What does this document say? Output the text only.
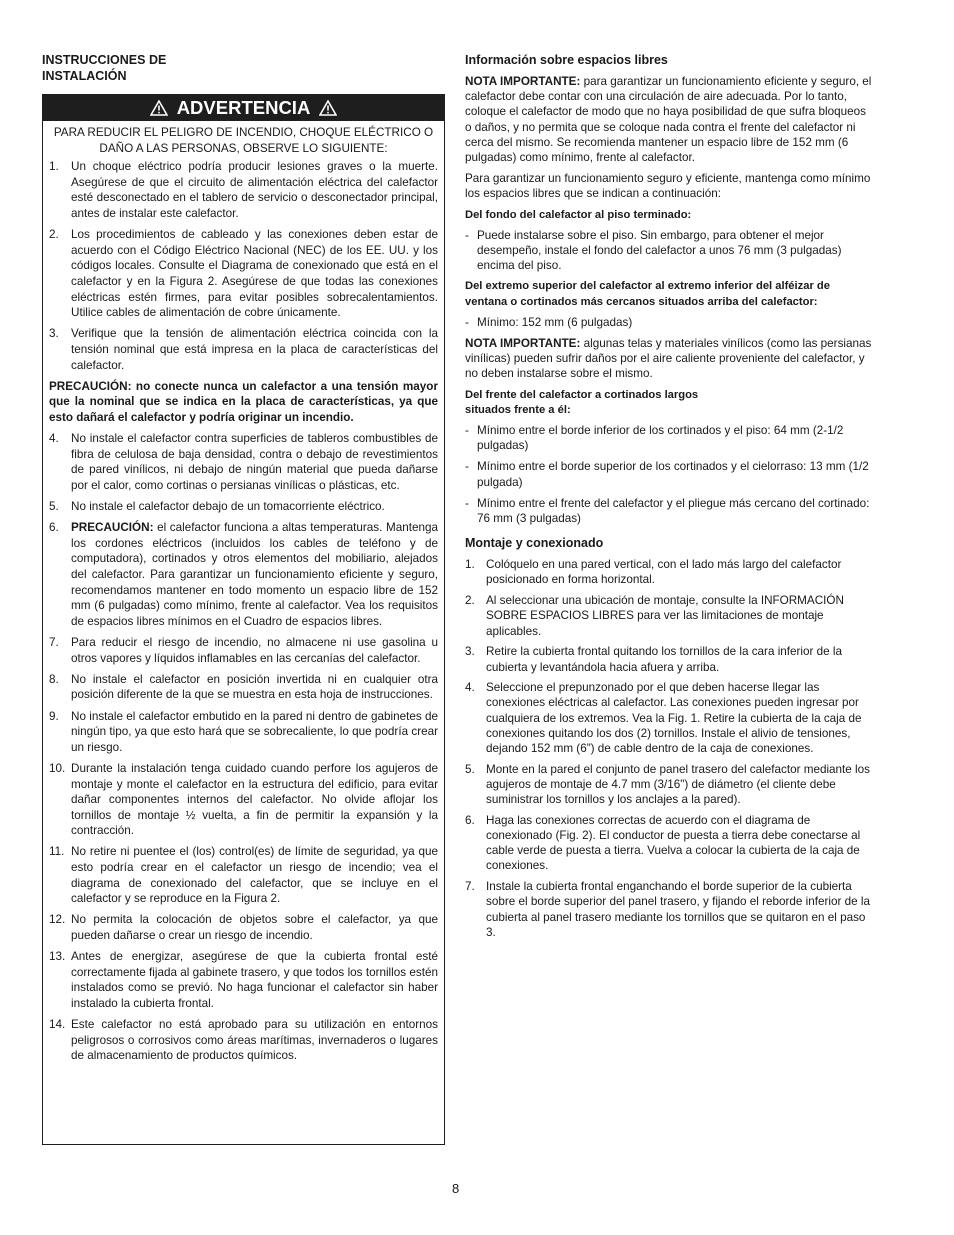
INSTRUCCIONES DE
INSTALACIÓN

ADVERTENCIA

PARA REDUCIR EL PELIGRO DE INCENDIO, CHOQUE ELÉCTRICO O DAÑO A LAS PERSONAS, OBSERVE LO SIGUIENTE:

1.	Un choque eléctrico podría producir lesiones graves o la muerte. Asegúrese de que el circuito de alimentación eléctrica del calefactor esté desconectado en el tablero de servicio o desconectador principal, antes de instalar este calefactor.
2.	Los procedimientos de cableado y las conexiones deben estar de acuerdo con el Código Eléctrico Nacional (NEC) de los EE. UU. y los códigos locales. Consulte el Diagrama de conexionado que está en el calefactor y en la Figura 2. Asegúrese de que todas las conexiones eléctricas estén firmes, para evitar posibles sobrecalentamientos. Utilice cables de alimentación de cobre únicamente.
3.	Verifique que la tensión de alimentación eléctrica coincida con la tensión nominal que está impresa en la placa de características del calefactor.

PRECAUCIÓN: no conecte nunca un calefactor a una tensión mayor que la nominal que se indica en la placa de características, ya que esto dañará el calefactor y podría originar un incendio.

4.	No instale el calefactor contra superficies de tableros combustibles de fibra de celulosa de baja densidad, contra o debajo de revestimientos de pared vinílicos, ni debajo de ningún material que pueda dañarse por el calor, como cortinas o persianas vinílicas o plásticas, etc.
5.	No instale el calefactor debajo de un tomacorriente eléctrico.
6.	PRECAUCIÓN: el calefactor funciona a altas temperaturas. Mantenga los cordones eléctricos (incluidos los cables de teléfono y de computadora), cortinados y otros elementos del mobiliario, alejados del calefactor. Para garantizar un funcionamiento eficiente y seguro, recomendamos mantener en todo momento un espacio libre de 152 mm (6 pulgadas) como mínimo, frente al calefactor. Vea los requisitos de espacios libres mínimos en el Cuadro de espacios libres.
7.	Para reducir el riesgo de incendio, no almacene ni use gasolina u otros vapores y líquidos inflamables en las cercanías del calefactor.
8.	No instale el calefactor en posición invertida ni en cualquier otra posición diferente de la que se muestra en esta hoja de instrucciones.
9.	No instale el calefactor embutido en la pared ni dentro de gabinetes de ningún tipo, ya que esto hará que se sobrecaliente, lo que podría crear un riesgo.
10. Durante la instalación tenga cuidado cuando perfore los agujeros de montaje y monte el calefactor en la estructura del edificio, para evitar dañar componentes internos del calefactor. No olvide aflojar los tornillos de montaje ½ vuelta, a fin de permitir la expansión y la contracción.
11. No retire ni puentee el (los) control(es) de límite de seguridad, ya que esto podría crear en el calefactor un riesgo de incendio; vea el diagrama de conexionado del calefactor, que se incluye en el calefactor y se reproduce en la Figura 2.
12. No permita la colocación de objetos sobre el calefactor, ya que pueden dañarse o crear un riesgo de incendio.
13. Antes de energizar, asegúrese de que la cubierta frontal esté correctamente fijada al gabinete trasero, y que todos los tornillos estén instalados como se previó. No haga funcionar el calefactor sin haber instalado la cubierta frontal.
14. Este calefactor no está aprobado para su utilización en entornos peligrosos o corrosivos como áreas marítimas, invernaderos o lugares de almacenamiento de productos químicos.

Información sobre espacios libres

NOTA IMPORTANTE: para garantizar un funcionamiento eficiente y seguro, el calefactor debe contar con una circulación de aire adecuada. Por lo tanto, coloque el calefactor de modo que no haya posibilidad de que sufra bloqueos o daños, y no permita que se coloque nada contra el frente del calefactor ni cerca del mismo. Se recomienda mantener un espacio libre de 152 mm (6 pulgadas) como mínimo, frente al calefactor.

Para garantizar un funcionamiento seguro y eficiente, mantenga como mínimo los espacios libres que se indican a continuación:

Del fondo del calefactor al piso terminado:

- Puede instalarse sobre el piso. Sin embargo, para obtener el mejor desempeño, instale el fondo del calefactor a unos 76 mm (3 pulgadas) encima del piso.

Del extremo superior del calefactor al extremo inferior del alféizar de ventana o cortinados más cercanos situados arriba del calefactor:

- Mínimo: 152 mm (6 pulgadas)

NOTA IMPORTANTE: algunas telas y materiales vinílicos (como las persianas vinílicas) pueden sufrir daños por el aire caliente proveniente del calefactor, y no deben instalarse sobre el mismo.

Del frente del calefactor a cortinados largos situados frente a él:

- Mínimo entre el borde inferior de los cortinados y el piso: 64 mm (2-1/2 pulgadas)
- Mínimo entre el borde superior de los cortinados y el cielorraso: 13 mm (1/2 pulgada)
- Mínimo entre el frente del calefactor y el pliegue más cercano del cortinado: 76 mm (3 pulgadas)

Montaje y conexionado

1. Colóquelo en una pared vertical, con el lado más largo del calefactor posicionado en forma horizontal.
2. Al seleccionar una ubicación de montaje, consulte la INFORMACIÓN SOBRE ESPACIOS LIBRES para ver las limitaciones de montaje aplicables.
3. Retire la cubierta frontal quitando los tornillos de la cara inferior de la cubierta y levantándola hacia afuera y arriba.
4. Seleccione el prepunzonado por el que deben hacerse llegar las conexiones eléctricas al calefactor. Las conexiones pueden ingresar por cualquiera de los extremos. Vea la Fig. 1. Retire la cubierta de la caja de conexiones quitando los dos (2) tornillos. Instale el alivio de tensiones, dejando 152 mm (6”) de cable dentro de la caja de conexiones.
5. Monte en la pared el conjunto de panel trasero del calefactor mediante los agujeros de montaje de 4.7 mm (3/16") de diámetro (el cliente debe suministrar los tornillos y los anclajes a la pared).
6. Haga las conexiones correctas de acuerdo con el diagrama de conexionado (Fig. 2). El conductor de puesta a tierra debe conectarse al cable verde de puesta a tierra. Vuelva a colocar la cubierta de la caja de conexiones.
7. Instale la cubierta frontal enganchando el borde superior de la cubierta sobre el borde superior del panel trasero, y fijando el reborde inferior de la cubierta al panel trasero mediante los tornillos que se quitaron en el paso 3.
8
